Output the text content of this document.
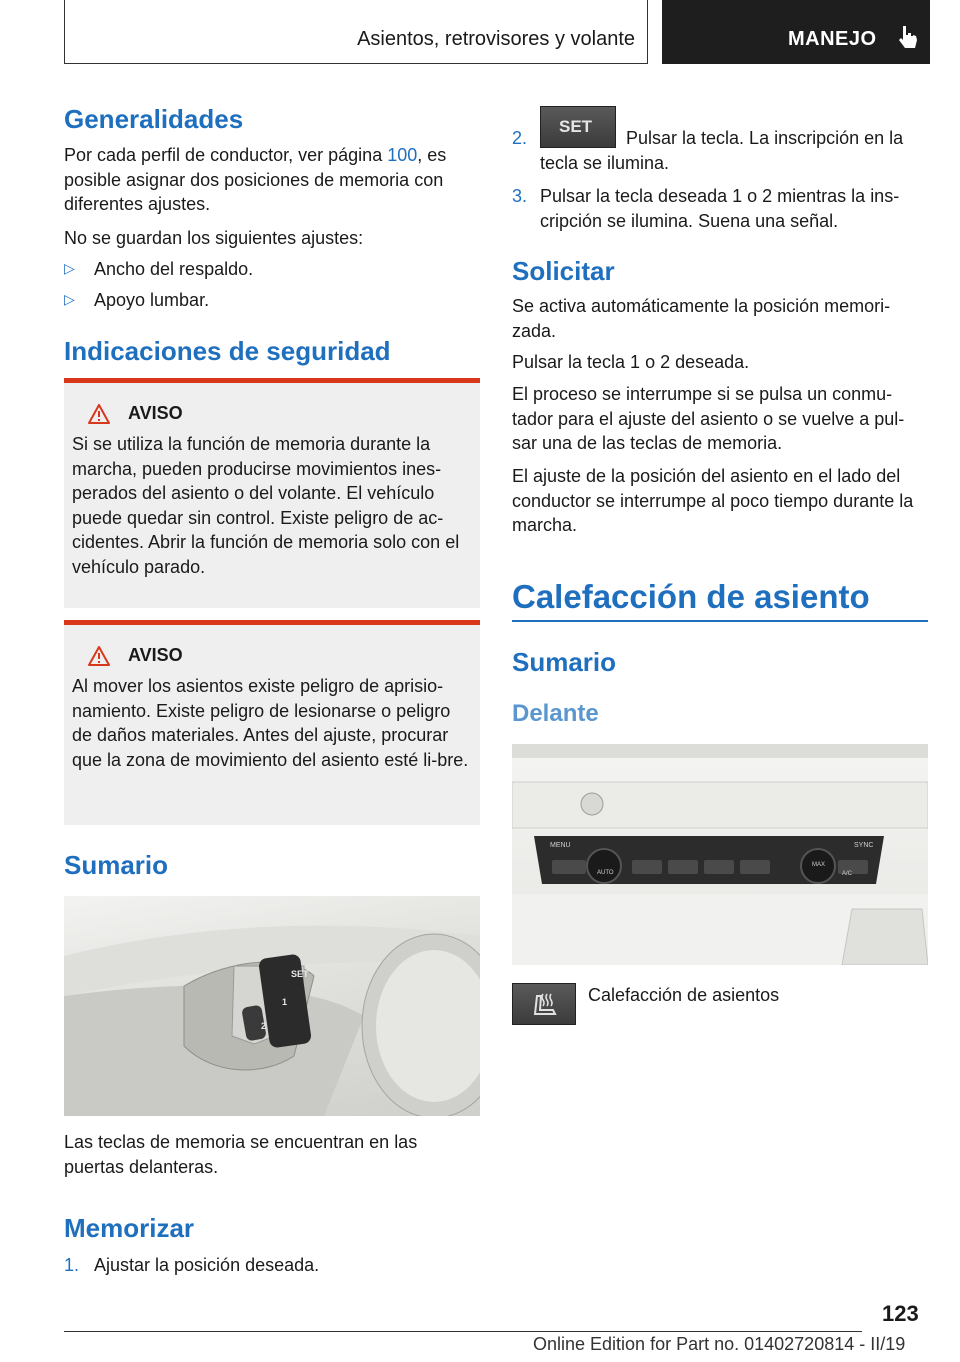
Asientos, retrovisores y volante	MANEJO
Generalidades

Por cada perfil de conductor, ver página 100, es posible asignar dos posiciones de memoria con diferentes ajustes.

No se guardan los siguientes ajustes:

▷ Ancho del respaldo.
▷ Apoyo lumbar.
Indicaciones de seguridad
AVISO

Si se utiliza la función de memoria durante la marcha, pueden producirse movimientos ines-perados del asiento o del volante. El vehículo puede quedar sin control. Existe peligro de ac-cidentes. Abrir la función de memoria solo con el vehículo parado.

AVISO

Al mover los asientos existe peligro de aprisio-namiento. Existe peligro de lesionarse o peligro de daños materiales. Antes del ajuste, procurar que la zona de movimiento del asiento esté li-bre.

Sumario
SET
1
2

Las teclas de memoria se encuentran en las puertas delanteras.

Memorizar
1. Ajustar la posición deseada.
2.
SET

Pulsar la tecla. La inscripción en la tecla se ilumina.

3. Pulsar la tecla deseada 1 o 2 mientras la ins-cripción se ilumina. Suena una señal.

Solicitar

Se activa automáticamente la posición memori-zada.

Pulsar la tecla 1 o 2 deseada.

El proceso se interrumpe si se pulsa un conmu-tador para el ajuste del asiento o se vuelve a pul-sar una de las teclas de memoria.

El ajuste de la posición del asiento en el lado del conductor se interrumpe al poco tiempo durante la marcha.

Calefacción de asiento
Sumario
Delante
MENU	SYNC
AUTO
MAX
A/C

Calefacción de asientos

123
Online Edition for Part no. 01402720814 - II/19
